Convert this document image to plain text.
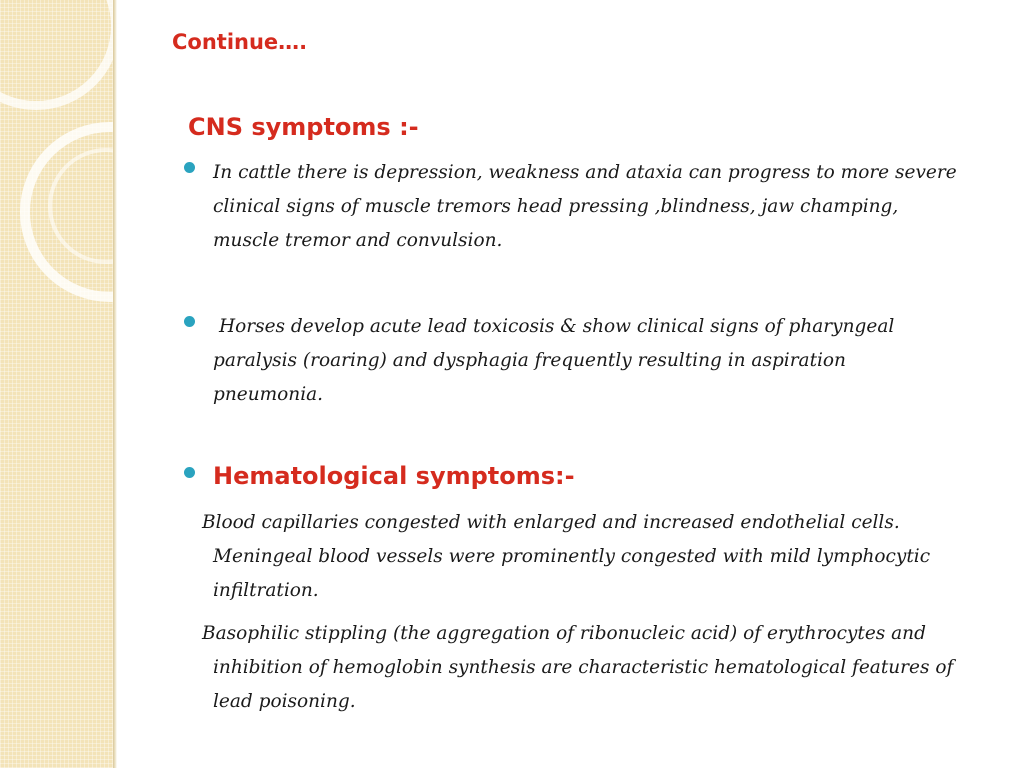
Continue….
CNS symptoms :-

In cattle there is depression, weakness and ataxia can progress to more severe
clinical signs of muscle tremors head pressing ,blindness, jaw champing,
muscle tremor and convulsion.

Horses develop acute lead toxicosis & show clinical signs of pharyngeal
paralysis (roaring) and dysphagia frequently resulting in aspiration
pneumonia.

Hematological symptoms:-

Blood capillaries congested with enlarged and increased endothelial cells.
Meningeal blood vessels were prominently congested with mild lymphocytic
infiltration.

Basophilic stippling (the aggregation of ribonucleic acid) of erythrocytes and
inhibition of hemoglobin synthesis are characteristic hematological features of
lead poisoning.
